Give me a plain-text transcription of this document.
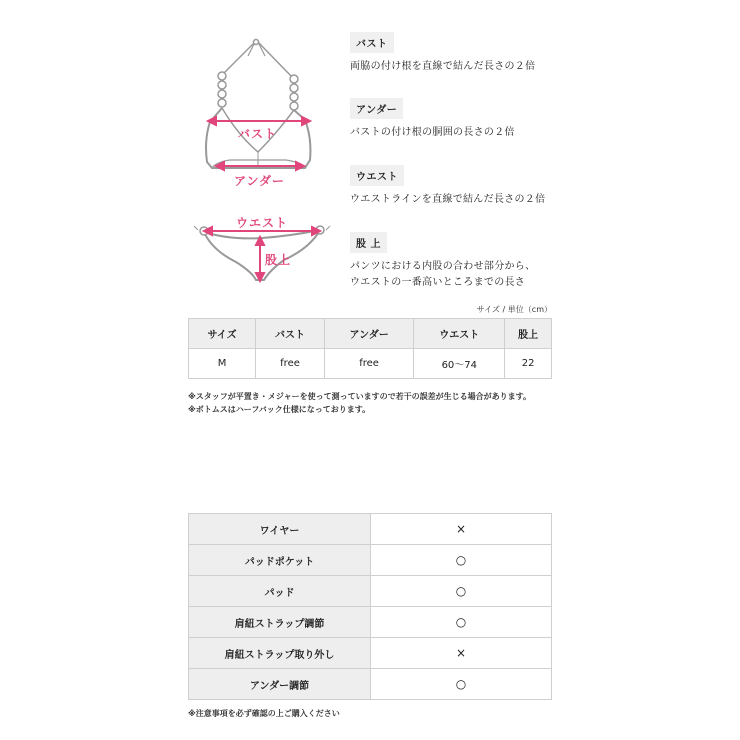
バスト
アンダー
ウエスト
股上
バスト
両脇の付け根を直線で結んだ長さの２倍
アンダー
バストの付け根の胴囲の長さの２倍
ウエスト
ウエストラインを直線で結んだ長さの２倍
股 上
パンツにおける内股の合わせ部分から、
ウエストの一番高いところまでの長さ
サイズ / 単位（cm）
サイズ	バスト	アンダー	ウエスト	股上
M	free	free	60〜74	22
※スタッフが平置き・メジャーを使って測っていますので若干の誤差が生じる場合があります。
※ボトムスはハーフバック仕様になっております。
ワイヤー	×
パッドポケット	○
パッド	○
肩紐ストラップ調節	○
肩紐ストラップ取り外し	×
アンダー調節	○
※注意事項を必ず確認の上ご購入ください
